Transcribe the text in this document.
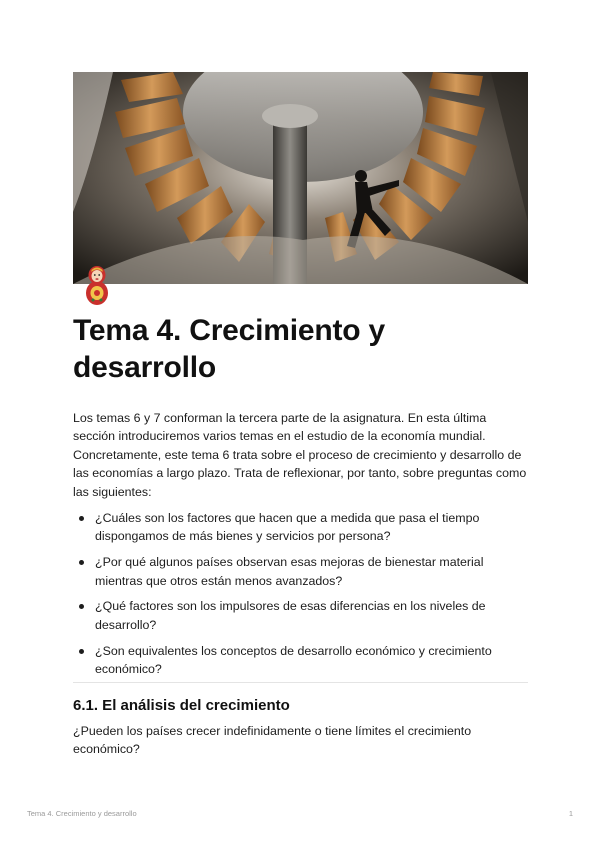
Tema 4. Crecimiento y desarrollo

Los temas 6 y 7 conforman la tercera parte de la asignatura. En esta última sección introduciremos varios temas en el estudio de la economía mundial. Concretamente, este tema 6 trata sobre el proceso de crecimiento y desarrollo de las economías a largo plazo. Trata de reflexionar, por tanto, sobre preguntas como las siguientes:

¿Cuáles son los factores que hacen que a medida que pasa el tiempo dispongamos de más bienes y servicios por persona?
¿Por qué algunos países observan esas mejoras de bienestar material mientras que otros están menos avanzados?
¿Qué factores son los impulsores de esas diferencias en los niveles de desarrollo?
¿Son equivalentes los conceptos de desarrollo económico y crecimiento económico?
6.1. El análisis del crecimiento

¿Pueden los países crecer indefinidamente o tiene límites el crecimiento económico?

Tema 4. Crecimiento y desarrollo	1
